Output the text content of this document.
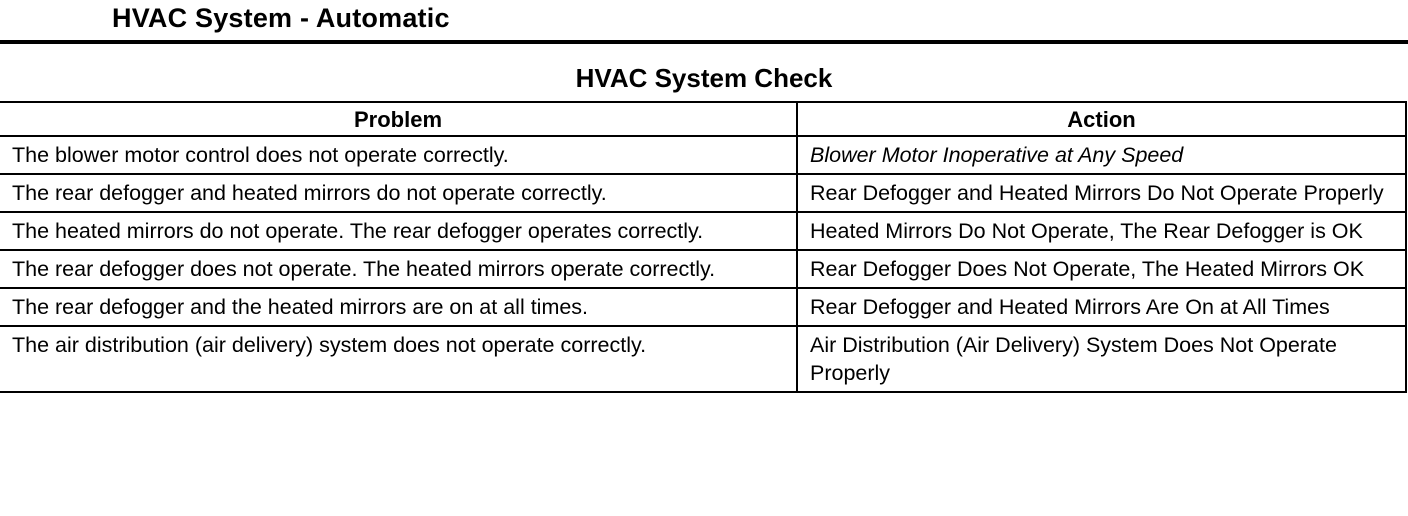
HVAC System - Automatic
HVAC System Check
Problem	Action
The blower motor control does not operate correctly.	Blower Motor Inoperative at Any Speed
The rear defogger and heated mirrors do not operate correctly.	Rear Defogger and Heated Mirrors Do Not Operate Properly
The heated mirrors do not operate. The rear defogger operates correctly.	Heated Mirrors Do Not Operate, The Rear Defogger is OK
The rear defogger does not operate. The heated mirrors operate correctly.	Rear Defogger Does Not Operate, The Heated Mirrors OK
The rear defogger and the heated mirrors are on at all times.	Rear Defogger and Heated Mirrors Are On at All Times
The air distribution (air delivery) system does not operate correctly.	Air Distribution (Air Delivery) System Does Not Operate Properly
